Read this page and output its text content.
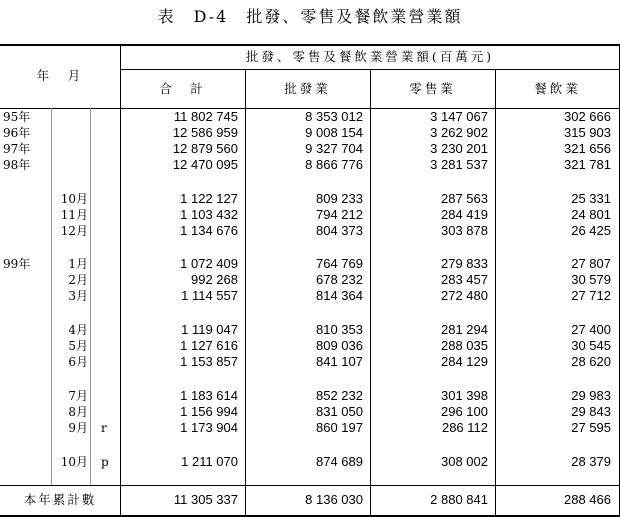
表　D-4　批發、零售及餐飲業營業額
年　月
批發、零售及餐飲業營業額(百萬元)
合　計	批發業	零售業	餐飲業
95年	11 802 745	8 353 012	3 147 067	302 666
96年	12 586 959	9 008 154	3 262 902	315 903
97年	12 879 560	9 327 704	3 230 201	321 656
98年	12 470 095	8 866 776	3 281 537	321 781
10月	1 122 127	809 233	287 563	25 331
11月	1 103 432	794 212	284 419	24 801
12月	1 134 676	804 373	303 878	26 425
99年	1月	1 072 409	764 769	279 833	27 807
2月	992 268	678 232	283 457	30 579
3月	1 114 557	814 364	272 480	27 712
4月	1 119 047	810 353	281 294	27 400
5月	1 127 616	809 036	288 035	30 545
6月	1 153 857	841 107	284 129	28 620
7月	1 183 614	852 232	301 398	29 983
8月	1 156 994	831 050	296 100	29 843
9月 r	1 173 904	860 197	286 112	27 595
10月 p	1 211 070	874 689	308 002	28 379
本年累計數	11 305 337	8 136 030	2 880 841	288 466
